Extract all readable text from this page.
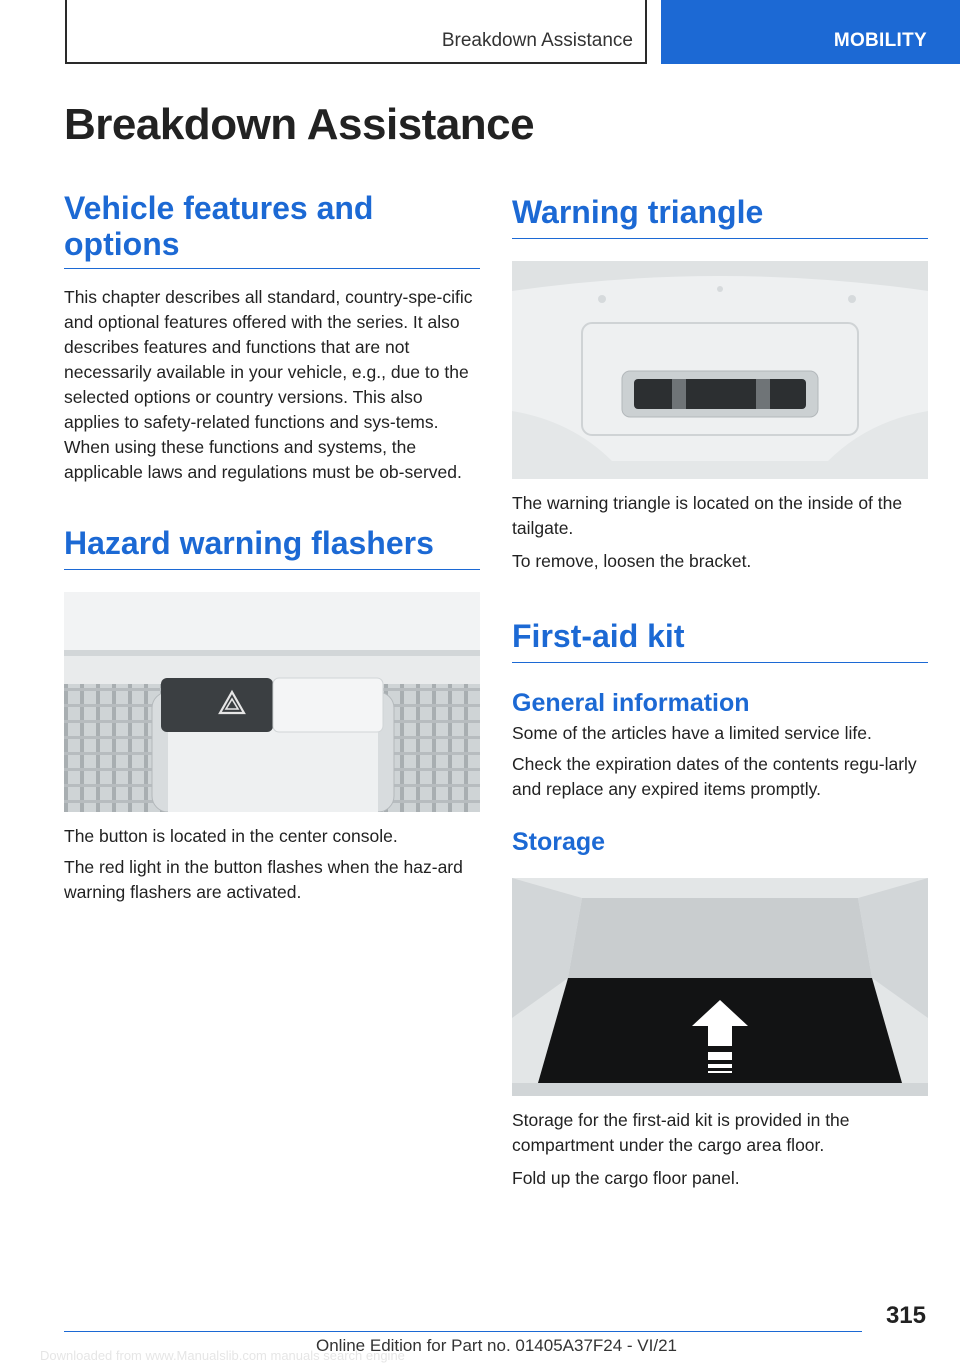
Breakdown Assistance	MOBILITY
Breakdown Assistance
Vehicle features and options

This chapter describes all standard, country-spe‐cific and optional features offered with the series. It also describes features and functions that are not necessarily available in your vehicle, e.g., due to the selected options or country versions. This also applies to safety-related functions and sys‐tems. When using these functions and systems, the applicable laws and regulations must be ob‐served.

Hazard warning flashers

The button is located in the center console.

The red light in the button flashes when the haz‐ard warning flashers are activated.

Warning triangle

The warning triangle is located on the inside of the tailgate.

To remove, loosen the bracket.

First-aid kit
General information

Some of the articles have a limited service life.

Check the expiration dates of the contents regu‐larly and replace any expired items promptly.

Storage

Storage for the first-aid kit is provided in the compartment under the cargo area floor.

Fold up the cargo floor panel.

315
Online Edition for Part no. 01405A37F24 - VI/21
Downloaded from www.Manualslib.com manuals search engine
